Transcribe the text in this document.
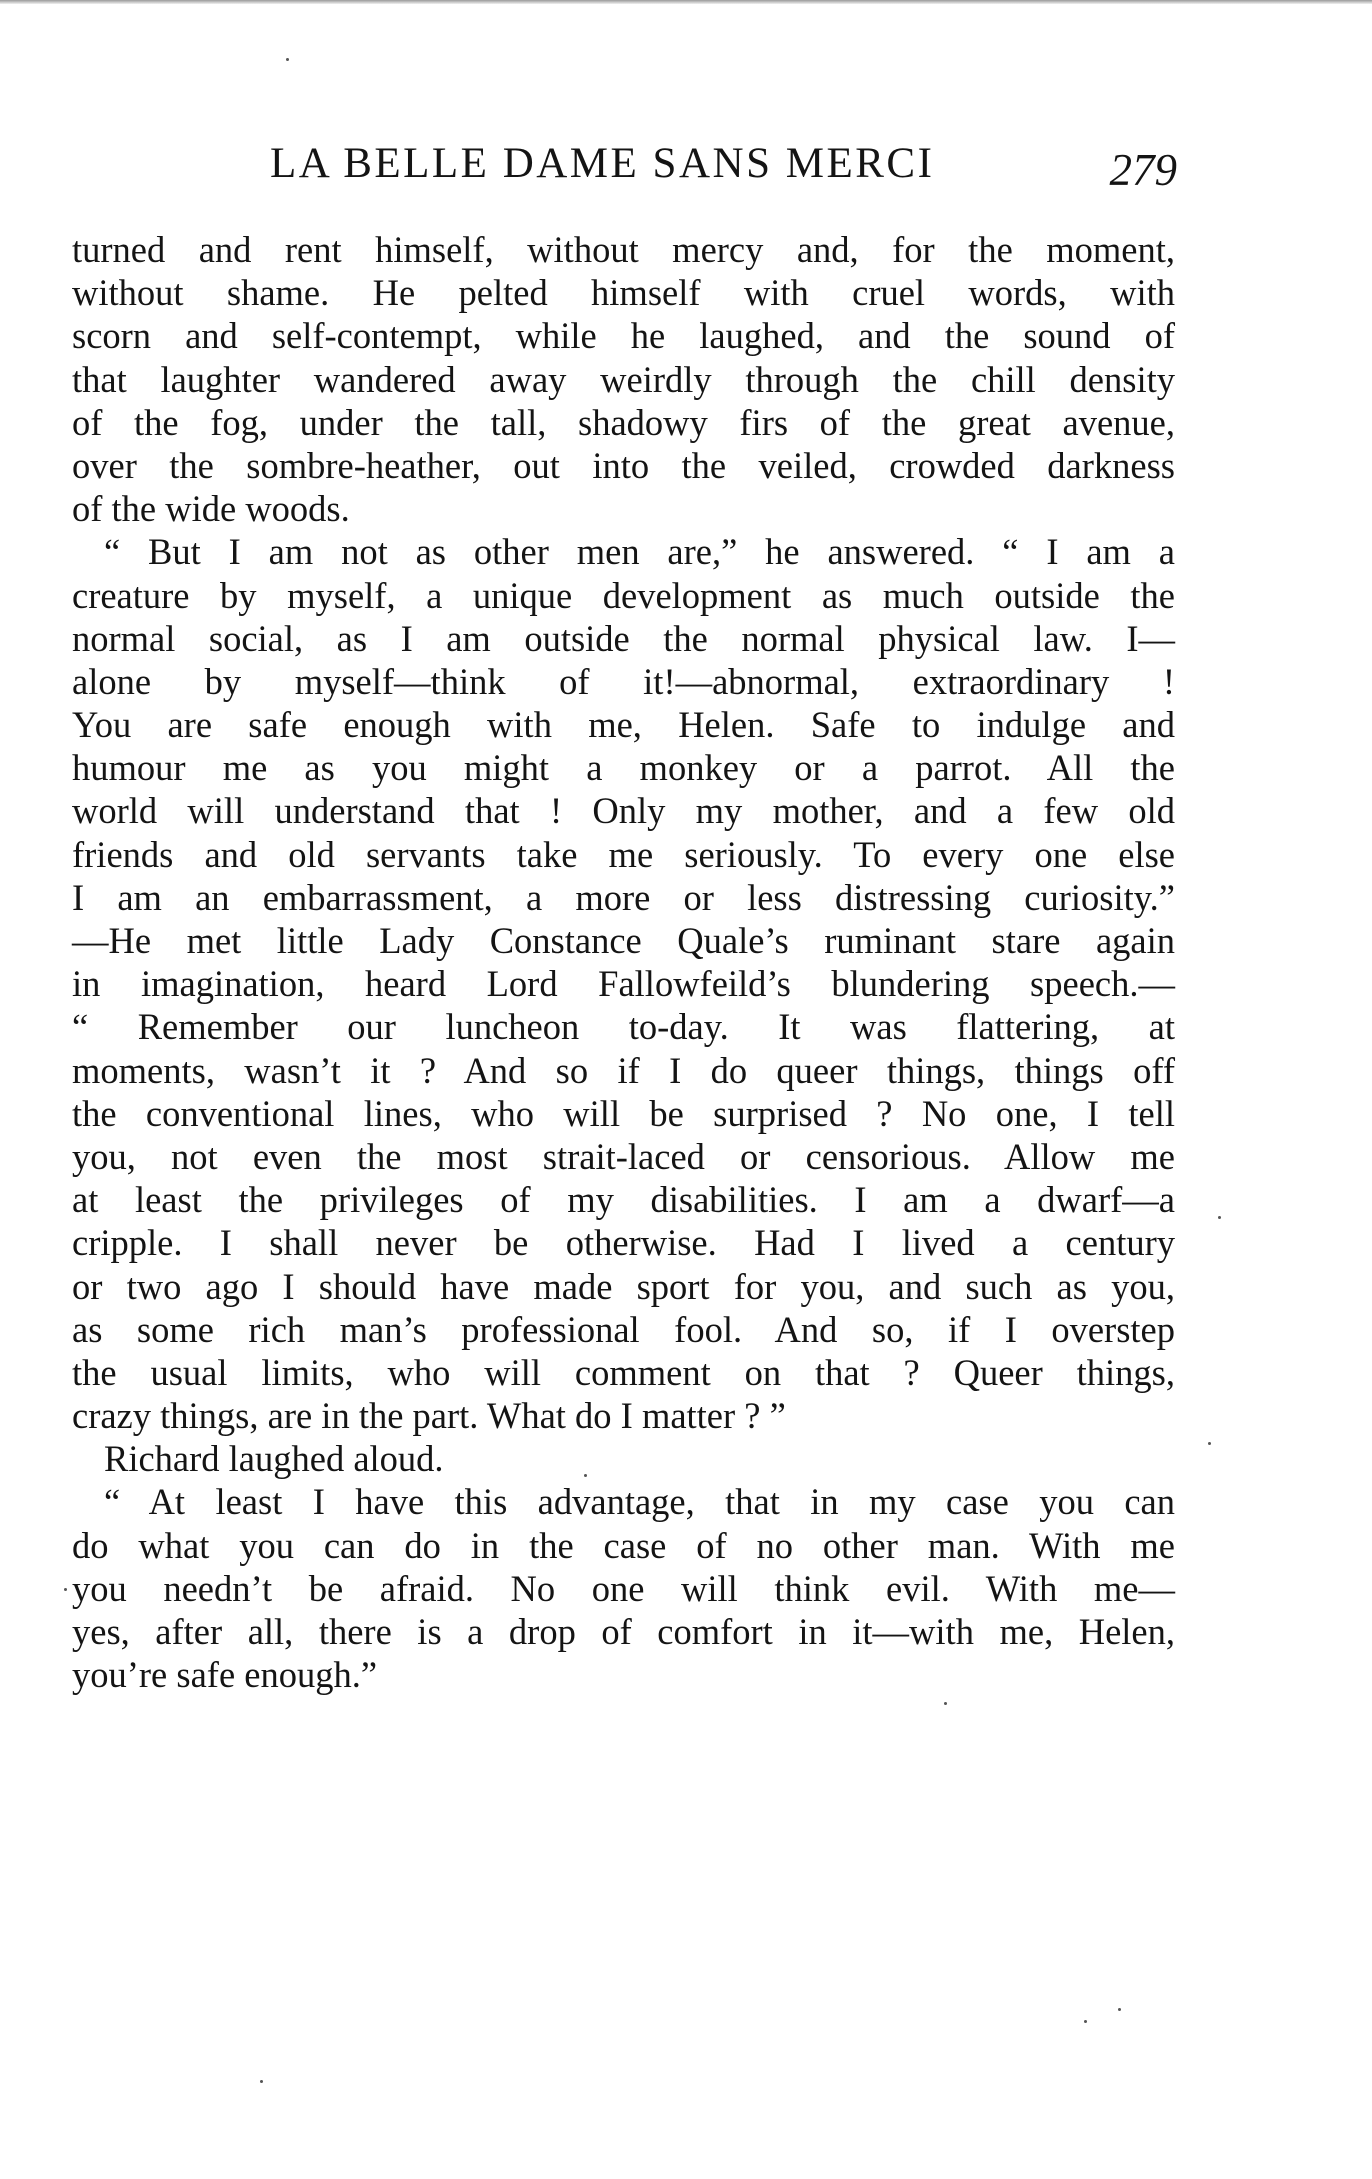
LA BELLE DAME SANS MERCI	279
turned and rent himself, without mercy and, for the moment,
without shame. He pelted himself with cruel words, with
scorn and self-contempt, while he laughed, and the sound of
that laughter wandered away weirdly through the chill density
of the fog, under the tall, shadowy firs of the great avenue,
over the sombre-heather, out into the veiled, crowded darkness
of the wide woods.
“ But I am not as other men are,” he answered. “ I am a
creature by myself, a unique development as much outside the
normal social, as I am outside the normal physical law. I—
alone by myself—think of it!—abnormal, extraordinary !
You are safe enough with me, Helen. Safe to indulge and
humour me as you might a monkey or a parrot. All the
world will understand that ! Only my mother, and a few old
friends and old servants take me seriously. To every one else
I am an embarrassment, a more or less distressing curiosity.”
—He met little Lady Constance Quale’s ruminant stare again
in imagination, heard Lord Fallowfeild’s blundering speech.—
“ Remember our luncheon to-day. It was flattering, at
moments, wasn’t it ? And so if I do queer things, things off
the conventional lines, who will be surprised ? No one, I tell
you, not even the most strait-laced or censorious. Allow me
at least the privileges of my disabilities. I am a dwarf—a
cripple. I shall never be otherwise. Had I lived a century
or two ago I should have made sport for you, and such as you,
as some rich man’s professional fool. And so, if I overstep
the usual limits, who will comment on that ? Queer things,
crazy things, are in the part. What do I matter ? ”
Richard laughed aloud.
“ At least I have this advantage, that in my case you can
do what you can do in the case of no other man. With me
you needn’t be afraid. No one will think evil. With me—
yes, after all, there is a drop of comfort in it—with me, Helen,
you’re safe enough.”
